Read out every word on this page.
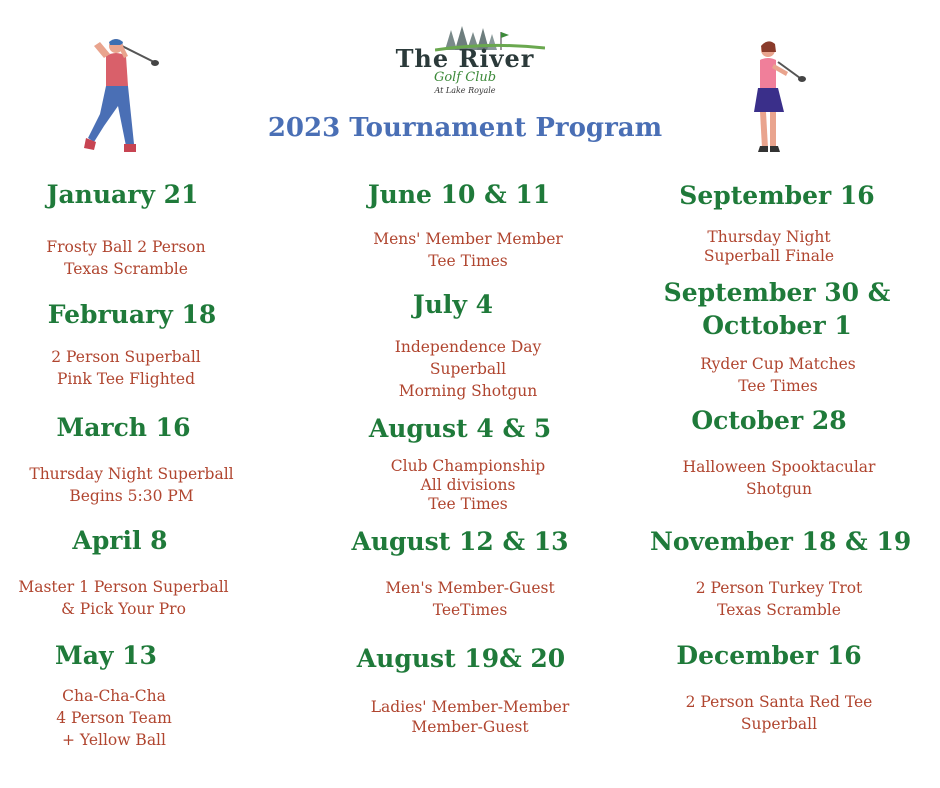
The River
Golf Club
At Lake Royale
2023 Tournament Program
January 21
Frosty Ball 2 Person
Texas Scramble
February 18
2 Person Superball
Pink Tee Flighted
March 16
Thursday Night Superball
Begins 5:30 PM
April 8
Master 1 Person Superball
& Pick Your Pro
May 13
Cha-Cha-Cha
4 Person Team
+ Yellow Ball
June 10 & 11
Mens' Member Member
Tee Times
July 4
Independence Day
Superball
Morning Shotgun
August 4 & 5
Club Championship
All divisions
Tee Times
August 12 & 13
Men's Member-Guest
TeeTimes
August 19& 20
Ladies' Member-Member
Member-Guest
September 16
Thursday Night
Superball Finale
September 30 &
Octtober 1
Ryder Cup Matches
Tee Times
October 28
Halloween Spooktacular
Shotgun
November 18 & 19
2 Person Turkey Trot
Texas Scramble
December 16
2 Person Santa Red Tee
Superball
